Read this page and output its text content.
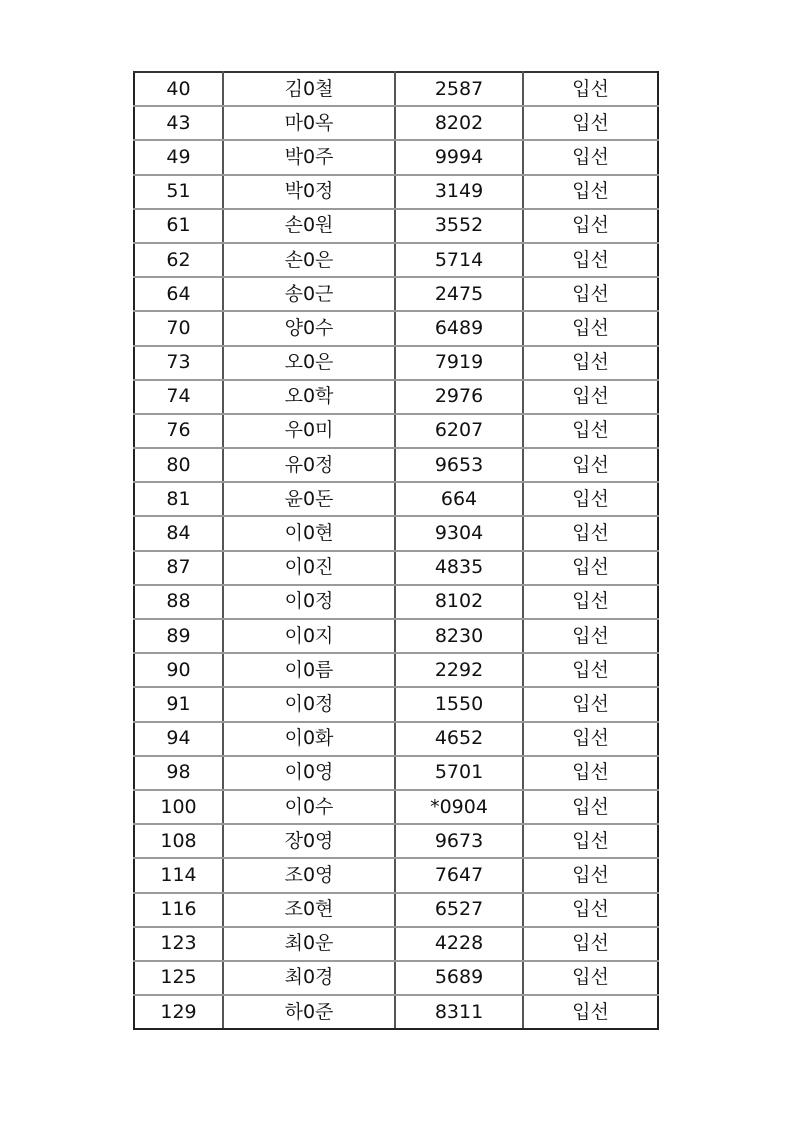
40	김0철	2587	입선
43	마0옥	8202	입선
49	박0주	9994	입선
51	박0정	3149	입선
61	손0원	3552	입선
62	손0은	5714	입선
64	송0근	2475	입선
70	양0수	6489	입선
73	오0은	7919	입선
74	오0학	2976	입선
76	우0미	6207	입선
80	유0정	9653	입선
81	윤0돈	664	입선
84	이0현	9304	입선
87	이0진	4835	입선
88	이0정	8102	입선
89	이0지	8230	입선
90	이0름	2292	입선
91	이0정	1550	입선
94	이0화	4652	입선
98	이0영	5701	입선
100	이0수	*0904	입선
108	장0영	9673	입선
114	조0영	7647	입선
116	조0현	6527	입선
123	최0운	4228	입선
125	최0경	5689	입선
129	하0준	8311	입선
